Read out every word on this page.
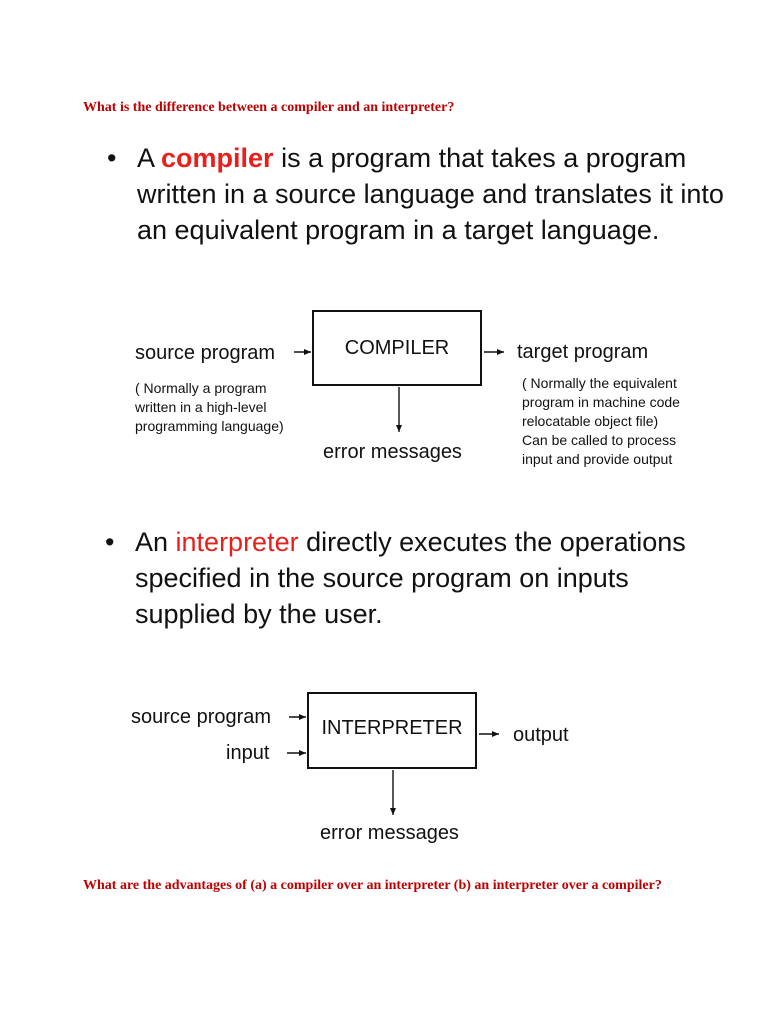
What is the difference between a compiler and an interpreter?
• A compiler is a program that takes a program written in a source language and translates it into an equivalent program in a target language.
COMPILER
source program	target program
( Normally a program written in a high-level programming language)
error messages
( Normally the equivalent program in machine code relocatable object file)
Can be called to process input and provide output
• An interpreter directly executes the operations specified in the source program on inputs supplied by the user.
INTERPRETER
source program
input
output
error messages
What are the advantages of (a) a compiler over an interpreter (b) an interpreter over a compiler?
